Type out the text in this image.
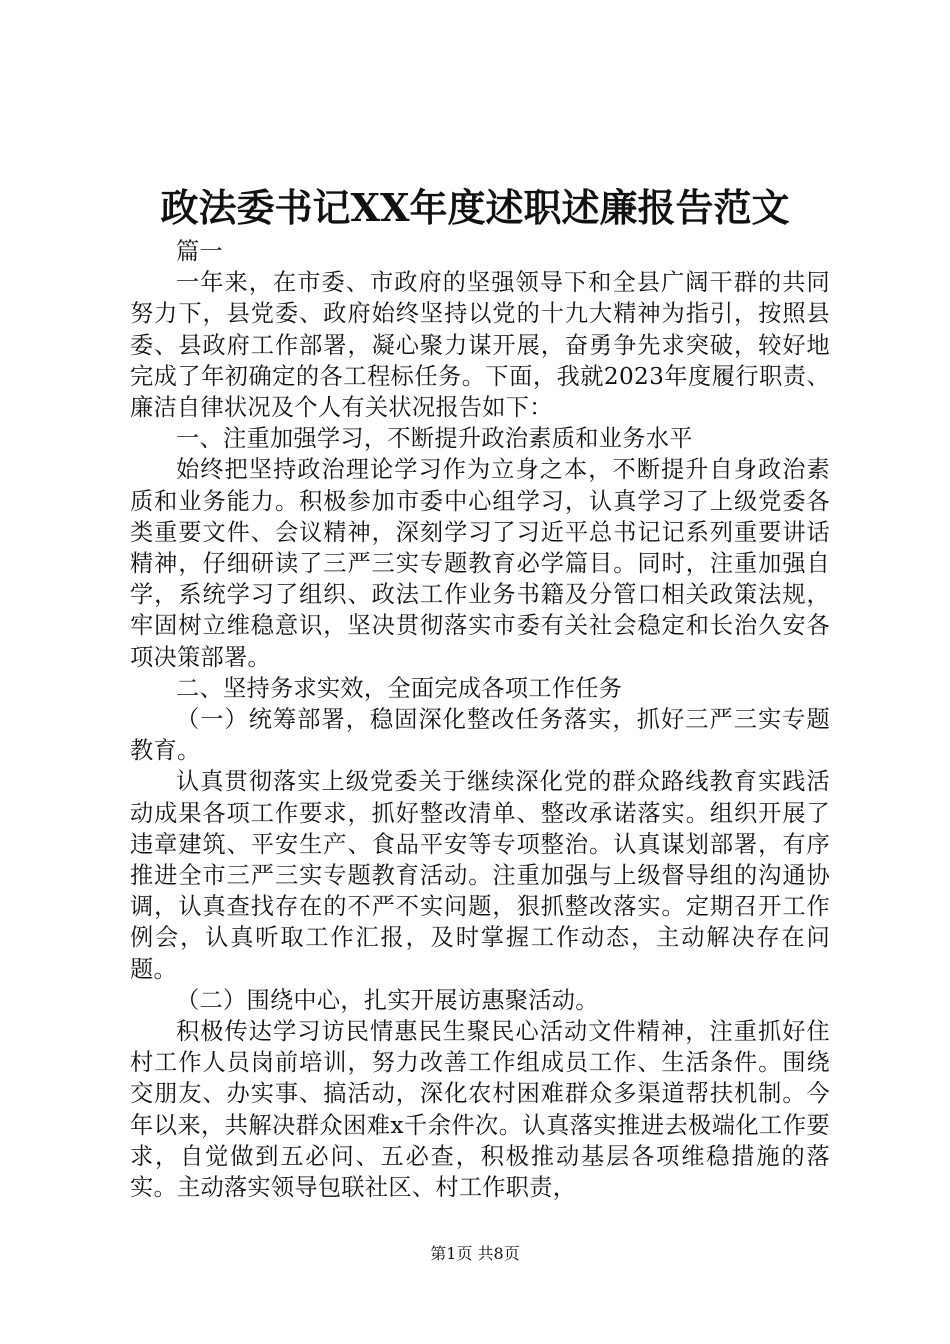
政法委书记XX年度述职述廉报告范文

篇一

一年来，在市委、市政府的坚强领导下和全县广阔干群的共同努力下，县党委、政府始终坚持以党的十九大精神为指引，按照县委、县政府工作部署，凝心聚力谋开展，奋勇争先求突破，较好地完成了年初确定的各工程标任务。下面，我就2023年度履行职责、廉洁自律状况及个人有关状况报告如下：

一、注重加强学习，不断提升政治素质和业务水平

始终把坚持政治理论学习作为立身之本，不断提升自身政治素质和业务能力。积极参加市委中心组学习，认真学习了上级党委各类重要文件、会议精神，深刻学习了习近平总书记记系列重要讲话精神，仔细研读了三严三实专题教育必学篇目。同时，注重加强自学，系统学习了组织、政法工作业务书籍及分管口相关政策法规，牢固树立维稳意识，坚决贯彻落实市委有关社会稳定和长治久安各项决策部署。

二、坚持务求实效，全面完成各项工作任务

（一）统筹部署，稳固深化整改任务落实，抓好三严三实专题教育。

认真贯彻落实上级党委关于继续深化党的群众路线教育实践活动成果各项工作要求，抓好整改清单、整改承诺落实。组织开展了违章建筑、平安生产、食品平安等专项整治。认真谋划部署，有序推进全市三严三实专题教育活动。注重加强与上级督导组的沟通协调，认真查找存在的不严不实问题，狠抓整改落实。定期召开工作例会，认真听取工作汇报，及时掌握工作动态，主动解决存在问题。

（二）围绕中心，扎实开展访惠聚活动。

积极传达学习访民情惠民生聚民心活动文件精神，注重抓好住村工作人员岗前培训，努力改善工作组成员工作、生活条件。围绕交朋友、办实事、搞活动，深化农村困难群众多渠道帮扶机制。今年以来，共解决群众困难x千余件次。认真落实推进去极端化工作要求，自觉做到五必问、五必查，积极推动基层各项维稳措施的落实。主动落实领导包联社区、村工作职责，

第1页 共8页
